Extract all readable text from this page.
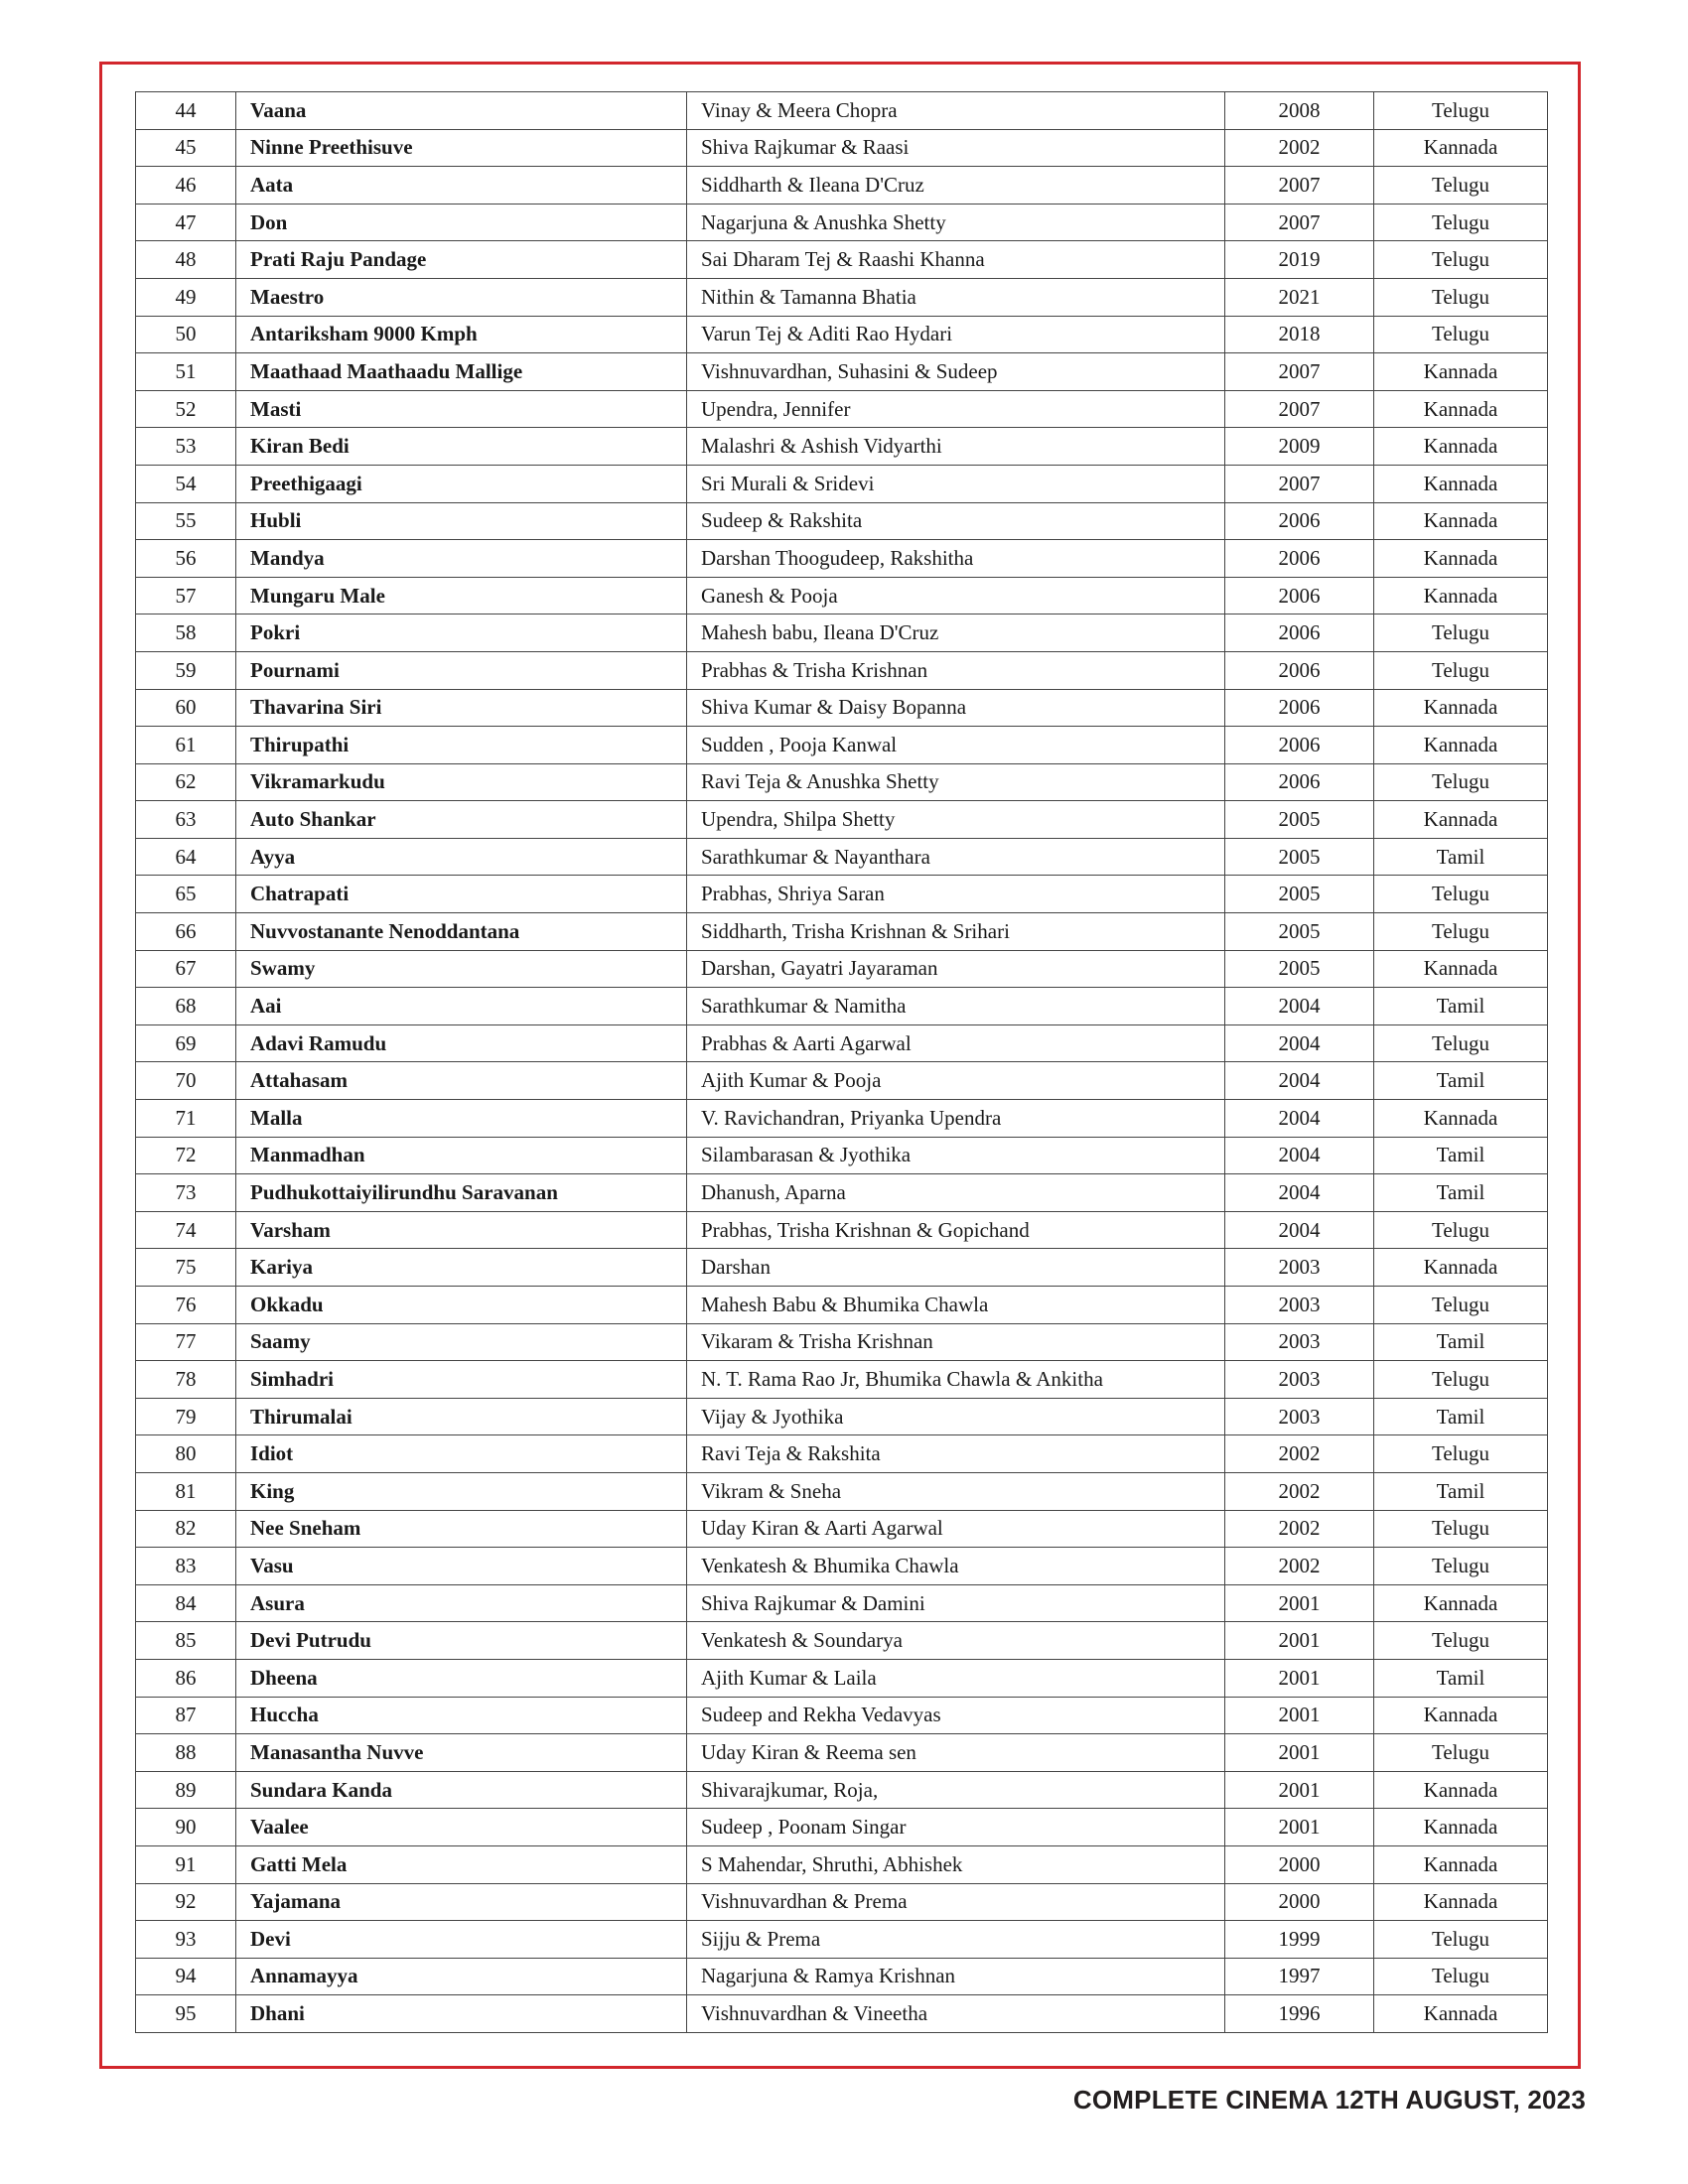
44	Vaana	Vinay & Meera Chopra	2008	Telugu
45	Ninne Preethisuve	Shiva Rajkumar & Raasi	2002	Kannada
46	Aata	Siddharth & Ileana D'Cruz	2007	Telugu
47	Don	Nagarjuna & Anushka Shetty	2007	Telugu
48	Prati Raju Pandage	Sai Dharam Tej & Raashi Khanna	2019	Telugu
49	Maestro	Nithin & Tamanna Bhatia	2021	Telugu
50	Antariksham 9000 Kmph	Varun Tej & Aditi Rao Hydari	2018	Telugu
51	Maathaad Maathaadu Mallige	Vishnuvardhan, Suhasini & Sudeep	2007	Kannada
52	Masti	Upendra, Jennifer	2007	Kannada
53	Kiran Bedi	Malashri & Ashish Vidyarthi	2009	Kannada
54	Preethigaagi	Sri Murali & Sridevi	2007	Kannada
55	Hubli	Sudeep & Rakshita	2006	Kannada
56	Mandya	Darshan Thoogudeep, Rakshitha	2006	Kannada
57	Mungaru Male	Ganesh & Pooja	2006	Kannada
58	Pokri	Mahesh babu, Ileana D'Cruz	2006	Telugu
59	Pournami	Prabhas & Trisha Krishnan	2006	Telugu
60	Thavarina Siri	Shiva Kumar & Daisy Bopanna	2006	Kannada
61	Thirupathi	Sudden , Pooja Kanwal	2006	Kannada
62	Vikramarkudu	Ravi Teja & Anushka Shetty	2006	Telugu
63	Auto Shankar	Upendra, Shilpa Shetty	2005	Kannada
64	Ayya	Sarathkumar & Nayanthara	2005	Tamil
65	Chatrapati	Prabhas, Shriya Saran	2005	Telugu
66	Nuvvostanante Nenoddantana	Siddharth, Trisha Krishnan & Srihari	2005	Telugu
67	Swamy	Darshan, Gayatri Jayaraman	2005	Kannada
68	Aai	Sarathkumar & Namitha	2004	Tamil
69	Adavi Ramudu	Prabhas & Aarti Agarwal	2004	Telugu
70	Attahasam	Ajith Kumar & Pooja	2004	Tamil
71	Malla	V. Ravichandran, Priyanka Upendra	2004	Kannada
72	Manmadhan	Silambarasan & Jyothika	2004	Tamil
73	Pudhukottaiyilirundhu Saravanan	Dhanush, Aparna	2004	Tamil
74	Varsham	Prabhas, Trisha Krishnan & Gopichand	2004	Telugu
75	Kariya	Darshan	2003	Kannada
76	Okkadu	Mahesh Babu & Bhumika Chawla	2003	Telugu
77	Saamy	Vikaram & Trisha Krishnan	2003	Tamil
78	Simhadri	N. T. Rama Rao Jr, Bhumika Chawla & Ankitha	2003	Telugu
79	Thirumalai	Vijay & Jyothika	2003	Tamil
80	Idiot	Ravi Teja & Rakshita	2002	Telugu
81	King	Vikram & Sneha	2002	Tamil
82	Nee Sneham	Uday Kiran & Aarti Agarwal	2002	Telugu
83	Vasu	Venkatesh & Bhumika Chawla	2002	Telugu
84	Asura	Shiva Rajkumar & Damini	2001	Kannada
85	Devi Putrudu	Venkatesh & Soundarya	2001	Telugu
86	Dheena	Ajith Kumar & Laila	2001	Tamil
87	Huccha	Sudeep and Rekha Vedavyas	2001	Kannada
88	Manasantha Nuvve	Uday Kiran & Reema sen	2001	Telugu
89	Sundara Kanda	Shivarajkumar, Roja,	2001	Kannada
90	Vaalee	Sudeep , Poonam Singar	2001	Kannada
91	Gatti Mela	S Mahendar, Shruthi, Abhishek	2000	Kannada
92	Yajamana	Vishnuvardhan & Prema	2000	Kannada
93	Devi	Sijju & Prema	1999	Telugu
94	Annamayya	Nagarjuna & Ramya Krishnan	1997	Telugu
95	Dhani	Vishnuvardhan & Vineetha	1996	Kannada
COMPLETE CINEMA 12TH AUGUST, 2023
